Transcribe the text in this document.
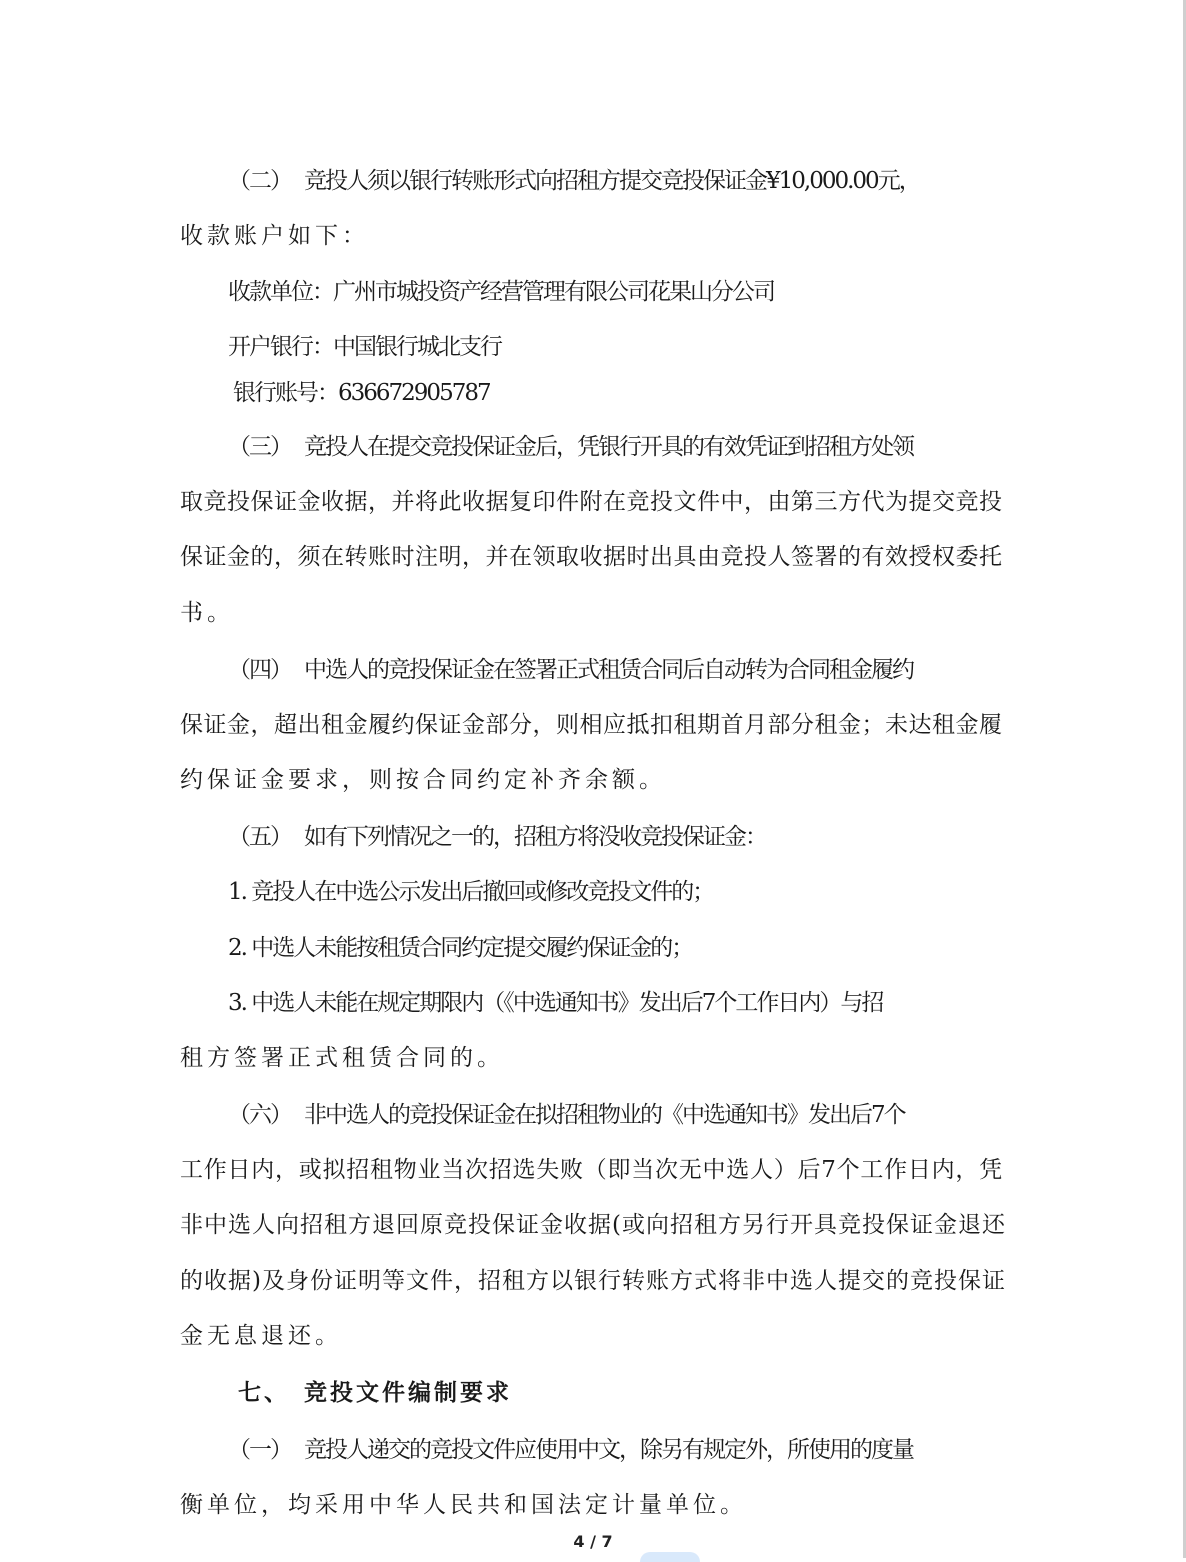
（二） 竞投人须以银行转账形式向招租方提交竞投保证金¥10,000.00元，
收款账户如下：
收款单位：广州市城投资产经营管理有限公司花果山分公司
开户银行：中国银行城北支行
银行账号：636672905787
（三） 竞投人在提交竞投保证金后，凭银行开具的有效凭证到招租方处领
取竞投保证金收据，并将此收据复印件附在竞投文件中，由第三方代为提交竞投
保证金的，须在转账时注明，并在领取收据时出具由竞投人签署的有效授权委托
书。
（四） 中选人的竞投保证金在签署正式租赁合同后自动转为合同租金履约
保证金，超出租金履约保证金部分，则相应抵扣租期首月部分租金；未达租金履
约保证金要求，则按合同约定补齐余额。
（五） 如有下列情况之一的，招租方将没收竞投保证金：
1. 竞投人在中选公示发出后撤回或修改竞投文件的；
2. 中选人未能按租赁合同约定提交履约保证金的；
3. 中选人未能在规定期限内（《中选通知书》发出后7个工作日内）与招
租方签署正式租赁合同的。
（六） 非中选人的竞投保证金在拟招租物业的《中选通知书》发出后7个
工作日内，或拟招租物业当次招选失败（即当次无中选人）后7个工作日内，凭
非中选人向招租方退回原竞投保证金收据(或向招租方另行开具竞投保证金退还
的收据)及身份证明等文件，招租方以银行转账方式将非中选人提交的竞投保证
金无息退还。
七、 竞投文件编制要求
（一） 竞投人递交的竞投文件应使用中文，除另有规定外，所使用的度量
衡单位，均采用中华人民共和国法定计量单位。
4 / 7
